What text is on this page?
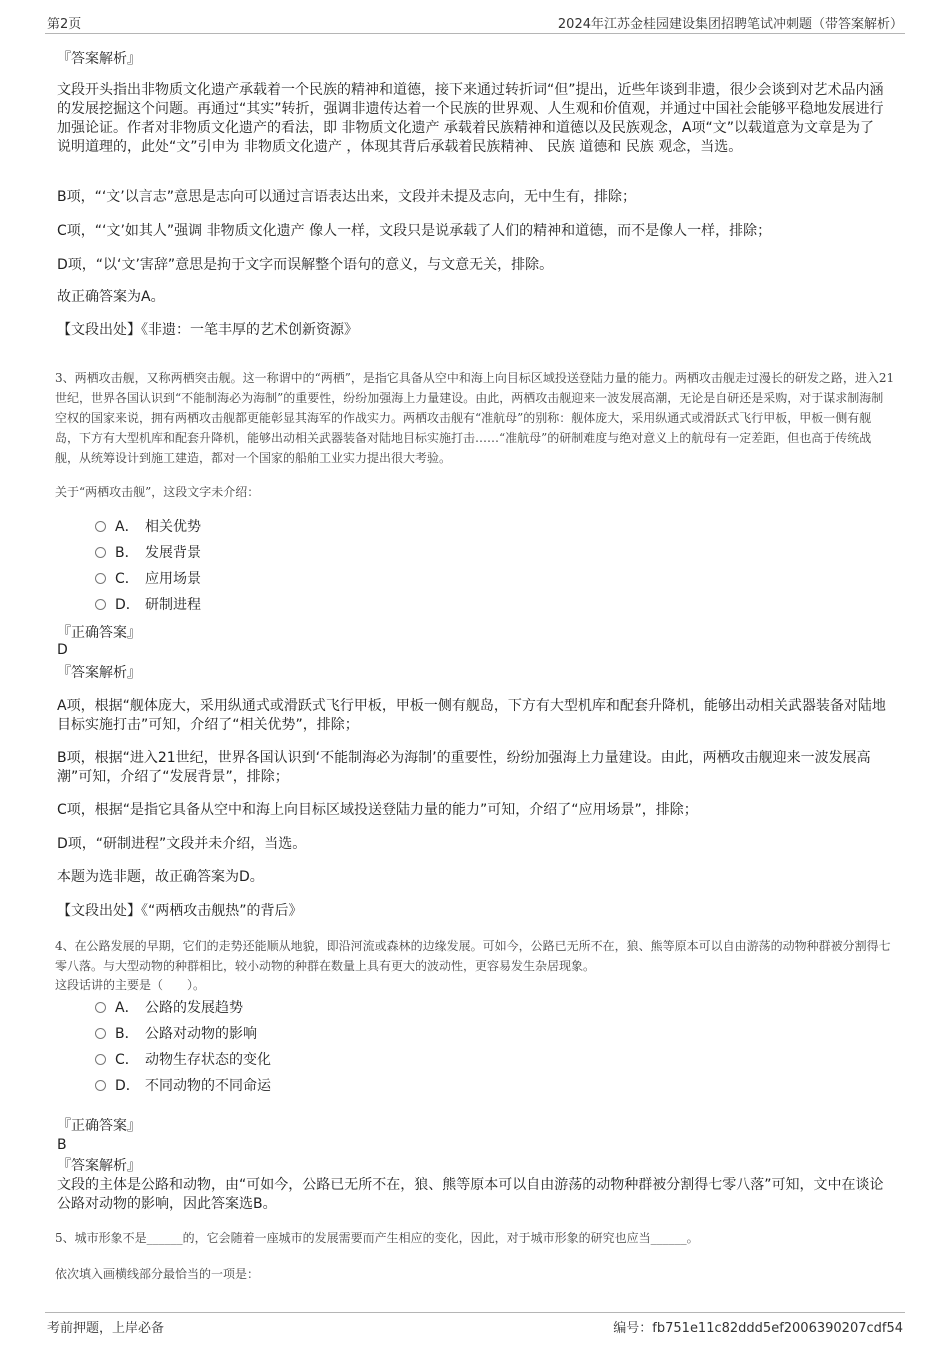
第2页	2024年江苏金桂园建设集团招聘笔试冲刺题（带答案解析）
『答案解析』
文段开头指出非物质文化遗产承载着一个民族的精神和道德，接下来通过转折词“但”提出，近些年谈到非遗，很少会谈到对艺术品内涵的发展挖掘这个问题。再通过“其实”转折，强调非遗传达着一个民族的世界观、人生观和价值观，并通过中国社会能够平稳地发展进行加强论证。作者对非物质文化遗产的看法，即 非物质文化遗产 承载着民族精神和道德以及民族观念，A项“文”以载道意为文章是为了说明道理的，此处“文”引申为 非物质文化遗产 ，体现其背后承载着民族精神、 民族 道德和 民族 观念，当选。
B项，“‘文’以言志”意思是志向可以通过言语表达出来，文段并未提及志向，无中生有，排除；
C项，“‘文’如其人”强调 非物质文化遗产 像人一样，文段只是说承载了人们的精神和道德，而不是像人一样，排除；
D项，“以‘文’害辞”意思是拘于文字而误解整个语句的意义，与文意无关，排除。
故正确答案为A。
【文段出处】《非遗：一笔丰厚的艺术创新资源》
3、两栖攻击舰，又称两栖突击舰。这一称谓中的“两栖”，是指它具备从空中和海上向目标区域投送登陆力量的能力。两栖攻击舰走过漫长的研发之路，进入21世纪，世界各国认识到“不能制海必为海制”的重要性，纷纷加强海上力量建设。由此，两栖攻击舰迎来一波发展高潮，无论是自研还是采购，对于谋求制海制空权的国家来说，拥有两栖攻击舰都更能彰显其海军的作战实力。两栖攻击舰有“准航母”的别称：舰体庞大，采用纵通式或滑跃式飞行甲板，甲板一侧有舰岛，下方有大型机库和配套升降机，能够出动相关武器装备对陆地目标实施打击……“准航母”的研制难度与绝对意义上的航母有一定差距，但也高于传统战舰，从统筹设计到施工建造，都对一个国家的船舶工业实力提出很大考验。
关于“两栖攻击舰”，这段文字未介绍：
A． 相关优势
B． 发展背景
C． 应用场景
D． 研制进程
『正确答案』
D
『答案解析』
A项，根据“舰体庞大，采用纵通式或滑跃式飞行甲板，甲板一侧有舰岛，下方有大型机库和配套升降机，能够出动相关武器装备对陆地目标实施打击”可知，介绍了“相关优势”，排除；
B项，根据“进入21世纪，世界各国认识到‘不能制海必为海制’的重要性，纷纷加强海上力量建设。由此，两栖攻击舰迎来一波发展高潮”可知，介绍了“发展背景”，排除；
C项，根据“是指它具备从空中和海上向目标区域投送登陆力量的能力”可知，介绍了“应用场景”，排除；
D项，“研制进程”文段并未介绍，当选。
本题为选非题，故正确答案为D。
【文段出处】《“两栖攻击舰热”的背后》
4、在公路发展的早期，它们的走势还能顺从地貌，即沿河流或森林的边缘发展。可如今，公路已无所不在，狼、熊等原本可以自由游荡的动物种群被分割得七零八落。与大型动物的种群相比，较小动物的种群在数量上具有更大的波动性，更容易发生杂居现象。
这段话讲的主要是（　　）。
A． 公路的发展趋势
B． 公路对动物的影响
C． 动物生存状态的变化
D． 不同动物的不同命运
『正确答案』
B
『答案解析』
文段的主体是公路和动物，由“可如今，公路已无所不在，狼、熊等原本可以自由游荡的动物种群被分割得七零八落”可知，文中在谈论公路对动物的影响，因此答案选B。
5、城市形象不是______的，它会随着一座城市的发展需要而产生相应的变化，因此，对于城市形象的研究也应当______。
依次填入画横线部分最恰当的一项是：
考前押题，上岸必备	编号：fb751e11c82ddd5ef2006390207cdf54
